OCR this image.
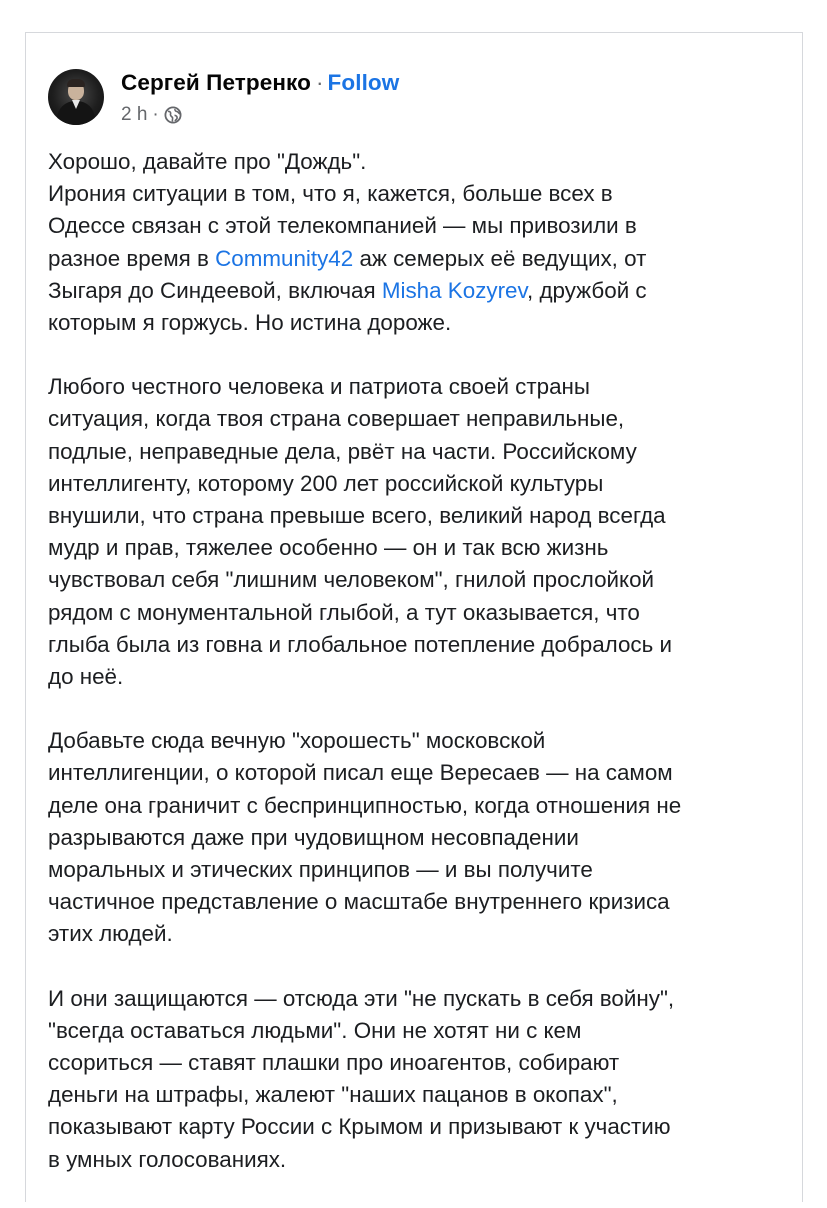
Сергей Петренко · Follow
2 h ·
Хорошо, давайте про "Дождь".
Ирония ситуации в том, что я, кажется, больше всех в
Одессе связан с этой телекомпанией — мы привозили в
разное время в Community42 аж семерых её ведущих, от
Зыгаря до Синдеевой, включая Misha Kozyrev, дружбой с
которым я горжусь. Но истина дороже.
Любого честного человека и патриота своей страны
ситуация, когда твоя страна совершает неправильные,
подлые, неправедные дела, рвёт на части. Российскому
интеллигенту, которому 200 лет российской культуры
внушили, что страна превыше всего, великий народ всегда
мудр и прав, тяжелее особенно — он и так всю жизнь
чувствовал себя "лишним человеком", гнилой прослойкой
рядом с монументальной глыбой, а тут оказывается, что
глыба была из говна и глобальное потепление добралось и
до неё.
Добавьте сюда вечную "хорошесть" московской
интеллигенции, о которой писал еще Вересаев — на самом
деле она граничит с беспринципностью, когда отношения не
разрываются даже при чудовищном несовпадении
моральных и этических принципов — и вы получите
частичное представление о масштабе внутреннего кризиса
этих людей.
И они защищаются — отсюда эти "не пускать в себя войну",
"всегда оставаться людьми". Они не хотят ни с кем
ссориться — ставят плашки про иноагентов, собирают
деньги на штрафы, жалеют "наших пацанов в окопах",
показывают карту России с Крымом и призывают к участию
в умных голосованиях.
